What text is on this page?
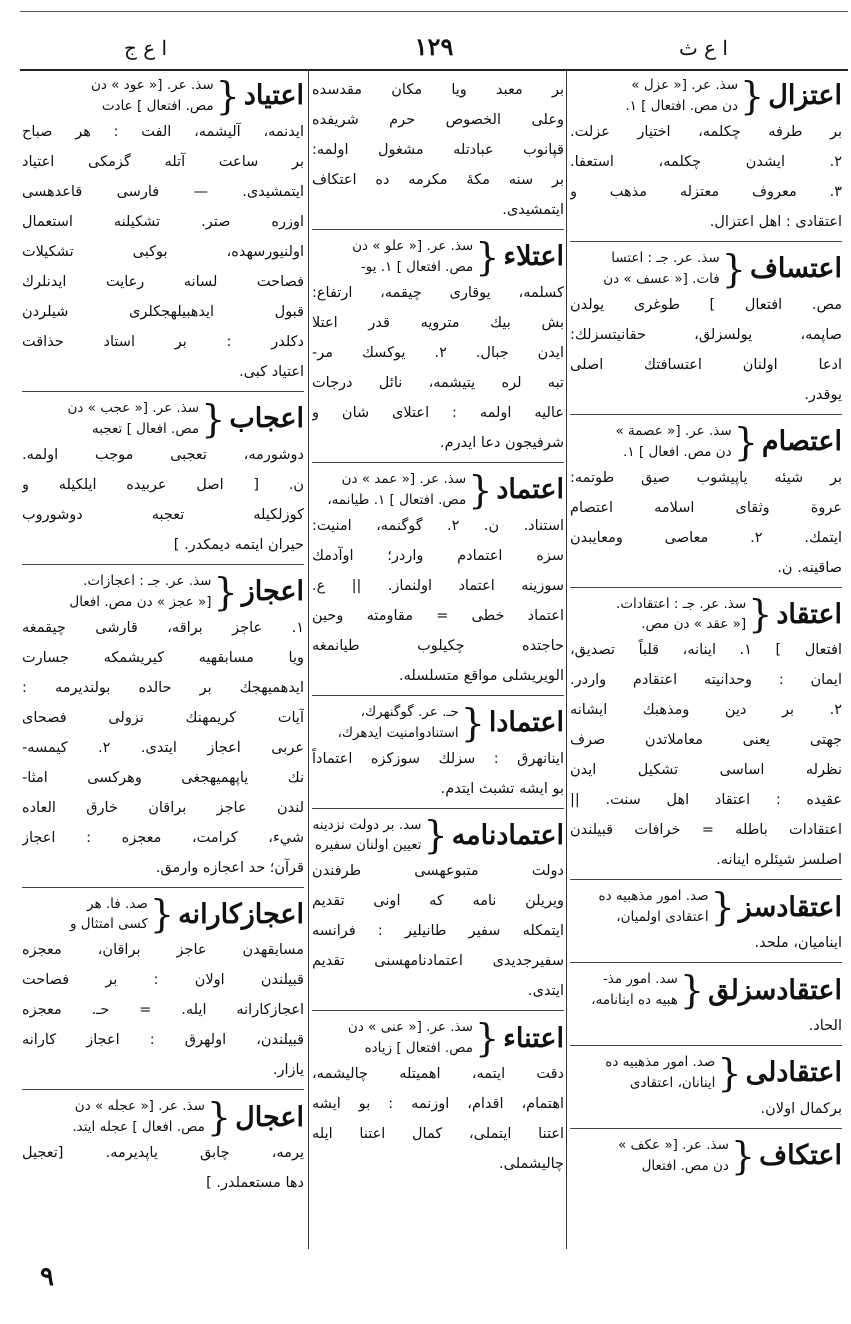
ا ع ج	١٢٩	ا ع ث
اعتزال
{
سذ. عر. [« عزل »
دن مص. افتعال ] ١.
بر طرفه چكلمه، اختيار عزلت.
٢. ايشدن چكلمه، استعفا.
٣. معروف معتزله مذهب و
اعتقادى : اهل اعتزال.
اعتساف
{
سذ. عر. جـ : اعتسا
فات. [« عسف » دن
مص. افتعال ] طوغرى يولدن
صاپمه، يولسزلق، حقانيتسزلك:
ادعا اولنان اعتسافتك اصلى
يوقدر.
اعتصام
{
سذ. عر. [« عصمة »
دن مص. افعال ] ١.
بر شيئه ياپيشوب صيق طوتمه:
عروة وثقاى اسلامه اعتصام
ايتمك. ٢. معاصى ومعايبدن
صاقينه. ن.
اعتقاد
{
سذ. عر. جـ : اعتقادات.
[« عقد » دن مص.
افتعال ] ١. اينانه، قلباً تصديق،
ايمان : وحدانيته اعتقادم واردر.
٢. بر دين ومذهبك ايشانه
جهتى يعنى معاملاتدن صرف
نظرله اساسى تشكيل ايدن
عقيده : اعتقاد اهل سنت. ||
اعتقادات باطله = خرافات قبيلندن
اصلسز شيئلره اينانه.
اعتقادسز
{
صد. امور مذهبيه ده
اعتقادى اولميان،
ايناميان، ملحد.
اعتقادسزلق
{
سد. امور مذ-
هبيه ده اينانامه،
الحاد.
اعتقادلى
{
صد. امور مذهبيه ده
اينانان، اعتقادى
بركمال اولان.
اعتكاف
{
سذ. عر. [« عكف »
دن مص. افتعال
بر معبد ويا مكان مقدسده
وعلى الخصوص حرم شريفده
قپانوب عبادتله مشغول اولمه:
بر سنه مكهٔ مكرمه ده اعتكاف
ايتمشيدى.
اعتلاء
{
سذ. عر. [« علو » دن
مص. افتعال ] ١. يو-
كسلمه، يوقارى چيقمه، ارتفاع:
بش بيك مترويه قدر اعتلا
ايدن جبال. ٢. يوكسك مر-
تبه لره يتيشمه، نائل درجات
عاليه اولمه : اعتلاى شان و
شرفيجون دعا ايدرم.
اعتماد
{
سذ. عر. [« عمد » دن
مص. افتعال ] ١. طيانمه،
استناد. ن. ٢. گوگنمه، امنيت:
سزه اعتمادم واردر؛ اوآدمك
سوزينه اعتماد اولنماز. || ع.
اعتماد خطى = مقاومته وحين
حاجتده چكيلوب طيانمغه
الويريشلى مواقع متسلسله.
اعتمادا
{
حـ. عر. گوگنهرك،
استنادوامنيت ايدهرك،
اينانهرق : سزلك سوزكزه اعتماداً
بو ايشه تشبث ايتدم.
اعتمادنامه
{
سد. بر دولت نزدينه
تعيين اولنان سفيره
دولت متبوعهسى طرفندن
ويريلن نامه كه اونى تقديم
ايتمكله سفير طانيلير : فرانسه
سفيرجديدى اعتمادنامهسنى تقديم
ايتدى.
اعتناء
{
سذ. عر. [« عنى » دن
مص. افتعال ] زياده
دقت ايتمه، اهميتله چاليشمه،
اهتمام، اقدام، اوزنمه : بو ايشه
اعتنا ايتملى، كمال اعتنا ايله
چاليشملى.
اعتياد
{
سذ. عر. [« عود » دن
مص. افتعال ] عادت
ايدنمه، آليشمه، الفت : هر صباح
بر ساعت آتله گزمكى اعتياد
ايتمشيدى. — فارسى قاعدهسى
اوزره صتر. تشكيلنه استعمال
اولنيورسهده، بوكبى تشكيلات
فصاحت لسانه رعايت ايدنلرك
قبول ايدهبيلهجكلرى شيلردن
دكلدر : بر استاد حذاقت
اعتياد كبى.
اعجاب
{
سذ. عر. [« عجب » دن
مص. افعال ] تعجبه
دوشورمه، تعجبى موجب اولمه.
ن. [ اصل عربيده ايلكيله و
كوزلكيله تعجبه دوشوروب
حيران ايتمه ديمكدر. ]
اعجاز
{
سذ. عر. جـ : اعجازات.
[« عجز » دن مص. افعال
١. عاجز براقه، قارشى چيقمغه
ويا مسابقهيه كيريشمكه جسارت
ايدهميهجك بر حالده بولنديرمه :
آيات كريمهنك نزولى فصحاى
عربى اعجاز ايتدى. ٢. كيمسه-
نك ياپهميهجغى وهركسى امثا-
لندن عاجز براقان خارق العاده
شيء، كرامت، معجزه : اعجاز
قرآن؛ حد اعجازه وارمق.
اعجازكارانه
{
صد. فا. هر
كسى امتثال و
مسابقهدن عاجز براقان، معجزه
قبيلندن اولان : بر فصاحت
اعجازكارانه ايله. = حـ. معجزه
قبيلندن، اولهرق : اعجاز كارانه
يازار.
اعجال
{
سذ. عر. [« عجله » دن
مص. افعال ] عجله ايتد.
يرمه، چابق ياپديرمه. [تعجيل
دها مستعملدر. ]
٩
